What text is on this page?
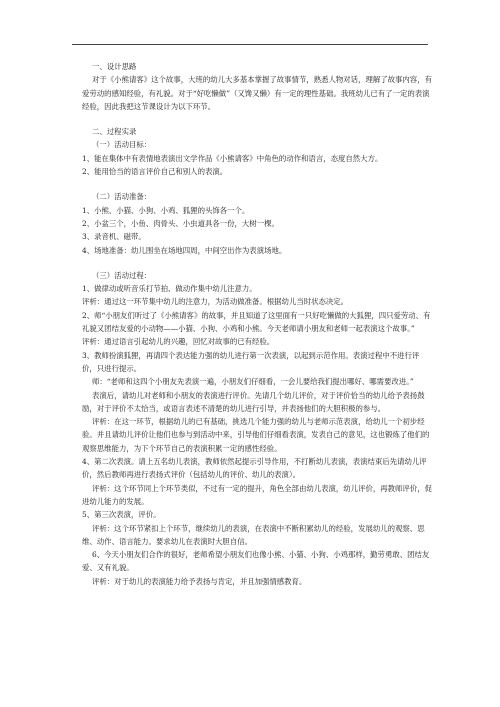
一、设计思路

对于《小熊请客》这个故事，大班的幼儿大多基本掌握了故事情节，熟悉人物对话，理解了故事内容，有爱劳动的感知经验，有礼貌。对于“好吃懒做”（又馋又懒）有一定的理性基础。我班幼儿已有了一定的表演经验，因此我把这节课设计为以下环节。

二、过程实录

（一）活动目标：

1、能在集体中有表情地表演出文学作品《小熊请客》中角色的动作和语言，态度自然大方。

2、能用恰当的语言评价自己和别人的表演。

（二）活动准备：

1、小熊、小猫、小狗、小鸡、狐狸的头饰各一个。

2、小盆三个，小鱼、肉骨头、小虫道具各一份，大树一棵。

3、录音机、磁带。

4、场地准备：幼儿围坐在场地四周，中间空出作为表演场地。

（三）活动过程：

1、做律动或听音乐打节拍、做动作集中幼儿注意力。

评析：通过这一环节集中幼儿的注意力，为活动做准备。根据幼儿当时状态决定。

2、师“小朋友们听过了《小熊请客》的故事，并且知道了这里面有一只好吃懒做的大狐狸，四只爱劳动、有礼貌又团结友爱的小动物——小猫、小狗、小鸡和小熊。今天老师请小朋友和老师一起表演这个故事。”

评析：通过语言引起幼儿的兴趣，回忆对故事的已有经验。

3、教师扮演狐狸，再请四个表达能力强的幼儿进行第一次表演，以起到示范作用。表演过程中不进行评价，只进行提示。

师：“老师和这四个小朋友先表演一遍，小朋友们仔细看，一会儿要给我们提出哪好、哪需要改进。”

表演后，请幼儿对老师和小朋友的表演进行评价。先请几个幼儿评价，对于评价恰当的幼儿给予表扬鼓励，对于评价不太恰当，或语言表述不清楚的幼儿进行引导，并表扬他们的大胆积极的参与。

评析：在这一环节，根据幼儿的已有基础，挑选几个能力强的幼儿与老师示范表演，给幼儿一个初步经验。并且请幼儿评价让他们也参与到活动中来，引导他们仔细看表演，发表自己的意见，这也锻炼了他们的观察思维能力，为下个环节自己的表演积累一定的感性经验。

4、第二次表演。请上五名幼儿表演，教师依然起提示引导作用，不打断幼儿表演，表演结束后先请幼儿评价，然后教师再进行表扬式评价（包括幼儿的评价、幼儿的表演）。

评析：这个环节同上个环节类似，不过有一定的提升，角色全部由幼儿表演，幼儿评价，再教师评价，促进幼儿能力的发展。

5、第三次表演，评价。

评析：这个环节紧扣上个环节，继续幼儿的表演，在表演中不断积累幼儿的经验，发展幼儿的观察、思维、动作、语言能力。要求幼儿在表演时大胆自信。

6、今天小朋友们合作的很好，老师希望小朋友们也像小熊、小猫、小狗、小鸡那样，勤劳勇敢、团结友爱、又有礼貌。

评析：对于幼儿的表演能力给予表扬与肯定，并且加强情感教育。
